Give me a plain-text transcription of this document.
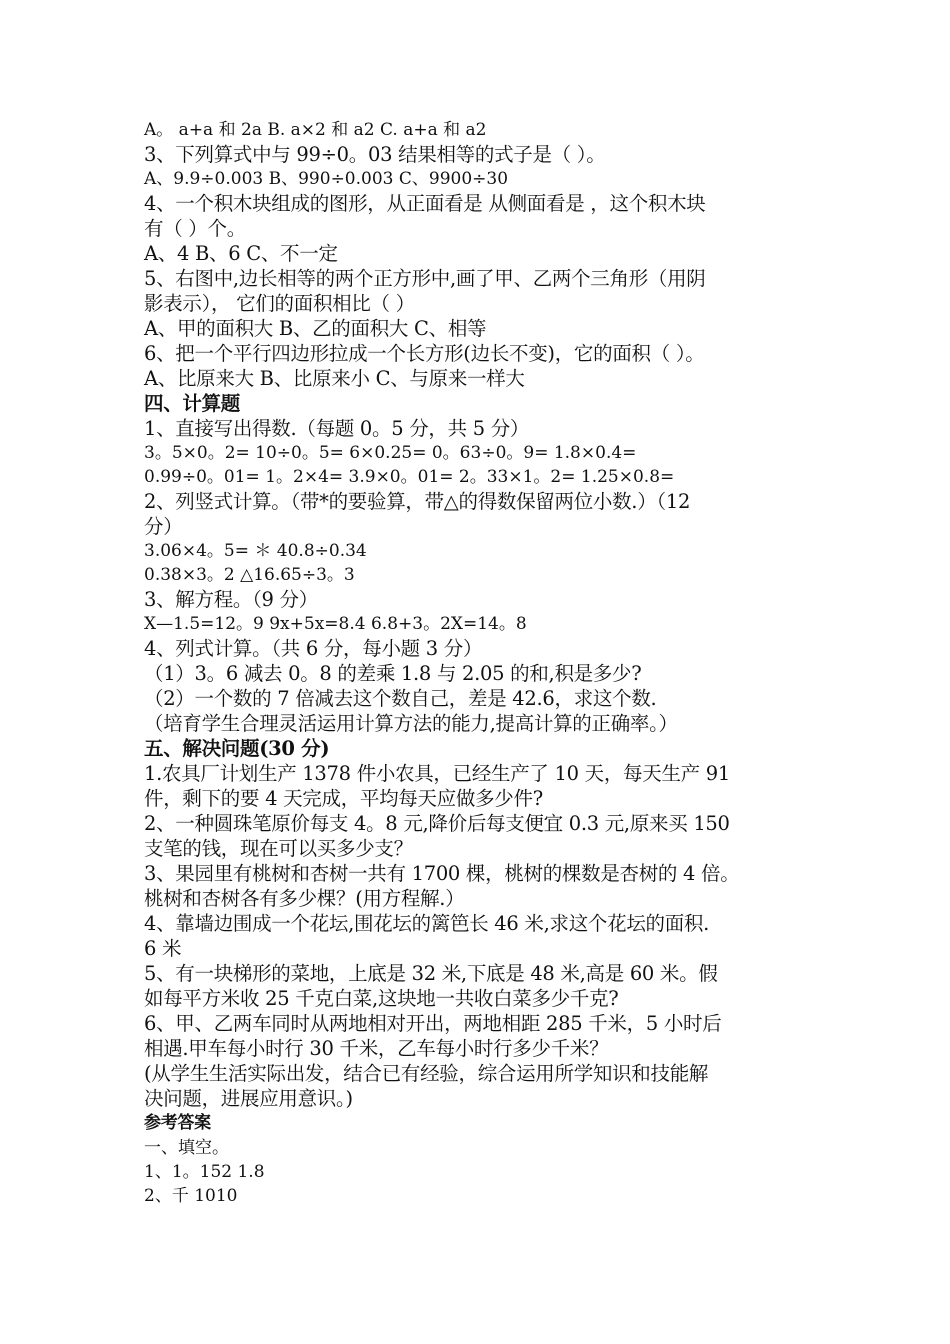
A。 a+a 和 2a B. a×2 和 a2 C. a+a 和 a2
3、下列算式中与 99÷0。03 结果相等的式子是（ ）。
A、9.9÷0.003 B、990÷0.003 C、9900÷30
4、一个积木块组成的图形，从正面看是 从侧面看是 ，这个积木块
有（ ）个。
A、4 B、6 C、不一定
5、右图中,边长相等的两个正方形中,画了甲、乙两个三角形（用阴
影表示）， 它们的面积相比（ ）
A、甲的面积大 B、乙的面积大 C、相等
6、把一个平行四边形拉成一个长方形(边长不变)，它的面积（ ）。
A、比原来大 B、比原来小 C、与原来一样大
四、计算题
1、直接写出得数.（每题 0。5 分，共 5 分）
3。5×0。2= 10÷0。5= 6×0.25= 0。63÷0。9= 1.8×0.4=
0.99÷0。01= 1。2×4= 3.9×0。01= 2。33×1。2= 1.25×0.8=
2、列竖式计算。（带*的要验算，带△的得数保留两位小数.）（12
分）
3.06×4。5= ＊ 40.8÷0.34
0.38×3。2 △16.65÷3。3
3、解方程。（9 分）
X—1.5=12。9 9x+5x=8.4 6.8+3。2X=14。8
4、列式计算。（共 6 分，每小题 3 分）
（1）3。6 减去 0。8 的差乘 1.8 与 2.05 的和,积是多少?
（2）一个数的 7 倍减去这个数自己，差是 42.6，求这个数.
（培育学生合理灵活运用计算方法的能力,提高计算的正确率。）
五、解决问题(30 分)
1.农具厂计划生产 1378 件小农具，已经生产了 10 天，每天生产 91
件，剩下的要 4 天完成，平均每天应做多少件?
2、一种圆珠笔原价每支 4。8 元,降价后每支便宜 0.3 元,原来买 150
支笔的钱，现在可以买多少支？
3、果园里有桃树和杏树一共有 1700 棵，桃树的棵数是杏树的 4 倍。
桃树和杏树各有多少棵？(用方程解.）
4、靠墙边围成一个花坛,围花坛的篱笆长 46 米,求这个花坛的面积.
6 米
5、有一块梯形的菜地，上底是 32 米,下底是 48 米,高是 60 米。假
如每平方米收 25 千克白菜,这块地一共收白菜多少千克?
6、甲、乙两车同时从两地相对开出，两地相距 285 千米，5 小时后
相遇.甲车每小时行 30 千米，乙车每小时行多少千米？
(从学生生活实际出发，结合已有经验，综合运用所学知识和技能解
决问题，进展应用意识。)
参考答案
一、填空。
1、1。152 1.8
2、千 1010
